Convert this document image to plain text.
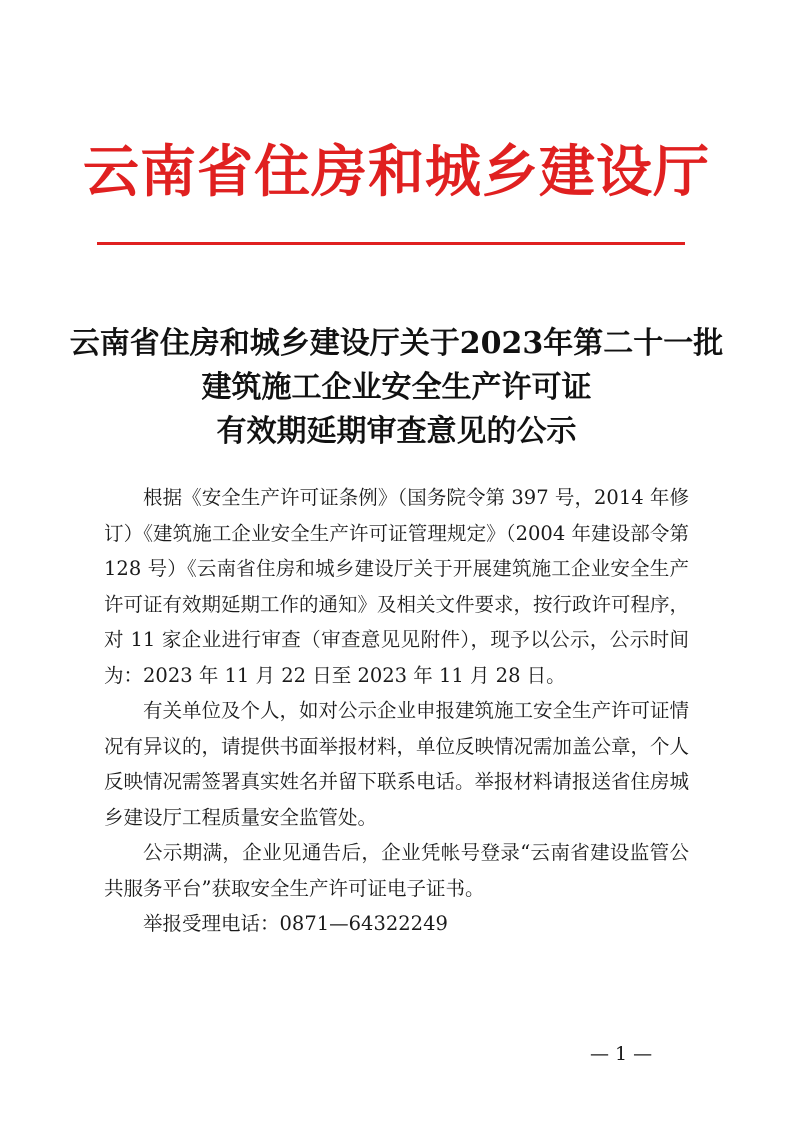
云南省住房和城乡建设厅
云南省住房和城乡建设厅关于2023年第二十一批
建筑施工企业安全生产许可证
有效期延期审查意见的公示

根据《安全生产许可证条例》（国务院令第 397 号，2014 年修订）《建筑施工企业安全生产许可证管理规定》（2004 年建设部令第 128 号）《云南省住房和城乡建设厅关于开展建筑施工企业安全生产许可证有效期延期工作的通知》及相关文件要求，按行政许可程序，对 11 家企业进行审查（审查意见见附件），现予以公示，公示时间为：2023 年 11 月 22 日至 2023 年 11 月 28 日。

有关单位及个人，如对公示企业申报建筑施工安全生产许可证情况有异议的，请提供书面举报材料，单位反映情况需加盖公章，个人反映情况需签署真实姓名并留下联系电话。举报材料请报送省住房城乡建设厅工程质量安全监管处。

公示期满，企业见通告后，企业凭帐号登录“云南省建设监管公共服务平台”获取安全生产许可证电子证书。

举报受理电话：0871—64322249

— 1 —
